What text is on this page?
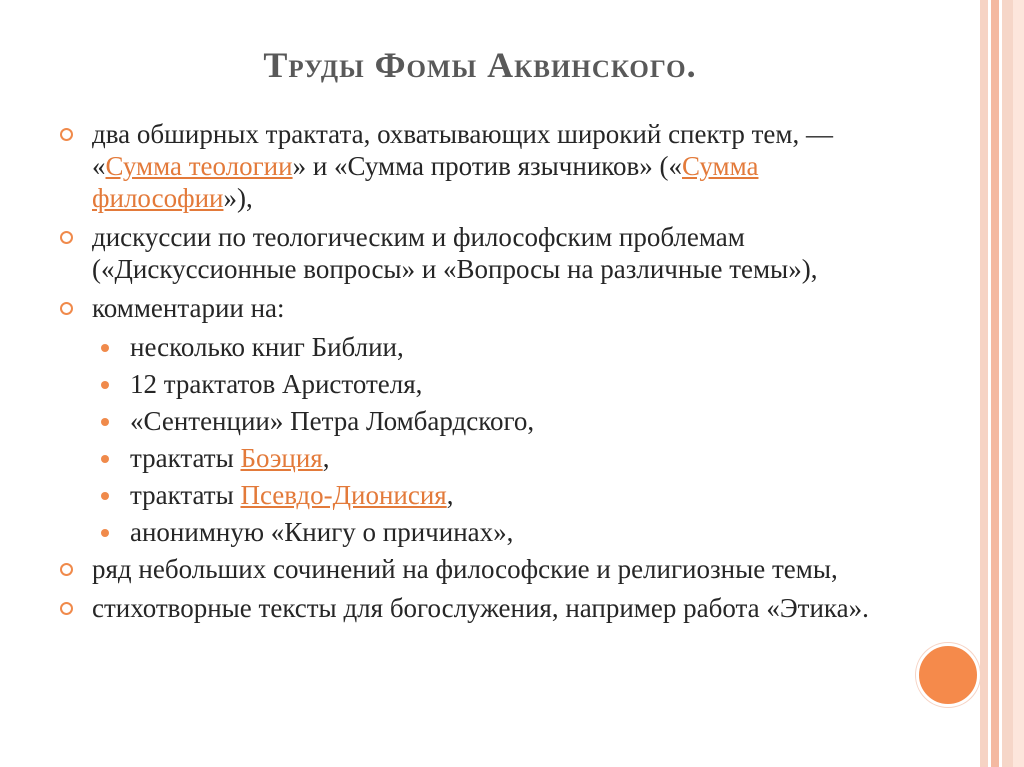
Труды Фомы Аквинского.
два обширных трактата, охватывающих широкий спектр тем, — «Сумма теологии» и «Сумма против язычников» («Сумма философии»),
дискуссии по теологическим и философским проблемам («Дискуссионные вопросы» и «Вопросы на различные темы»),
комментарии на:
несколько книг Библии,
12 трактатов Аристотеля,
«Сентенции» Петра Ломбардского,
трактаты Боэция,
трактаты Псевдо-Дионисия,
анонимную «Книгу о причинах»,
ряд небольших сочинений на философские и религиозные темы,
стихотворные тексты для богослужения, например работа «Этика».
